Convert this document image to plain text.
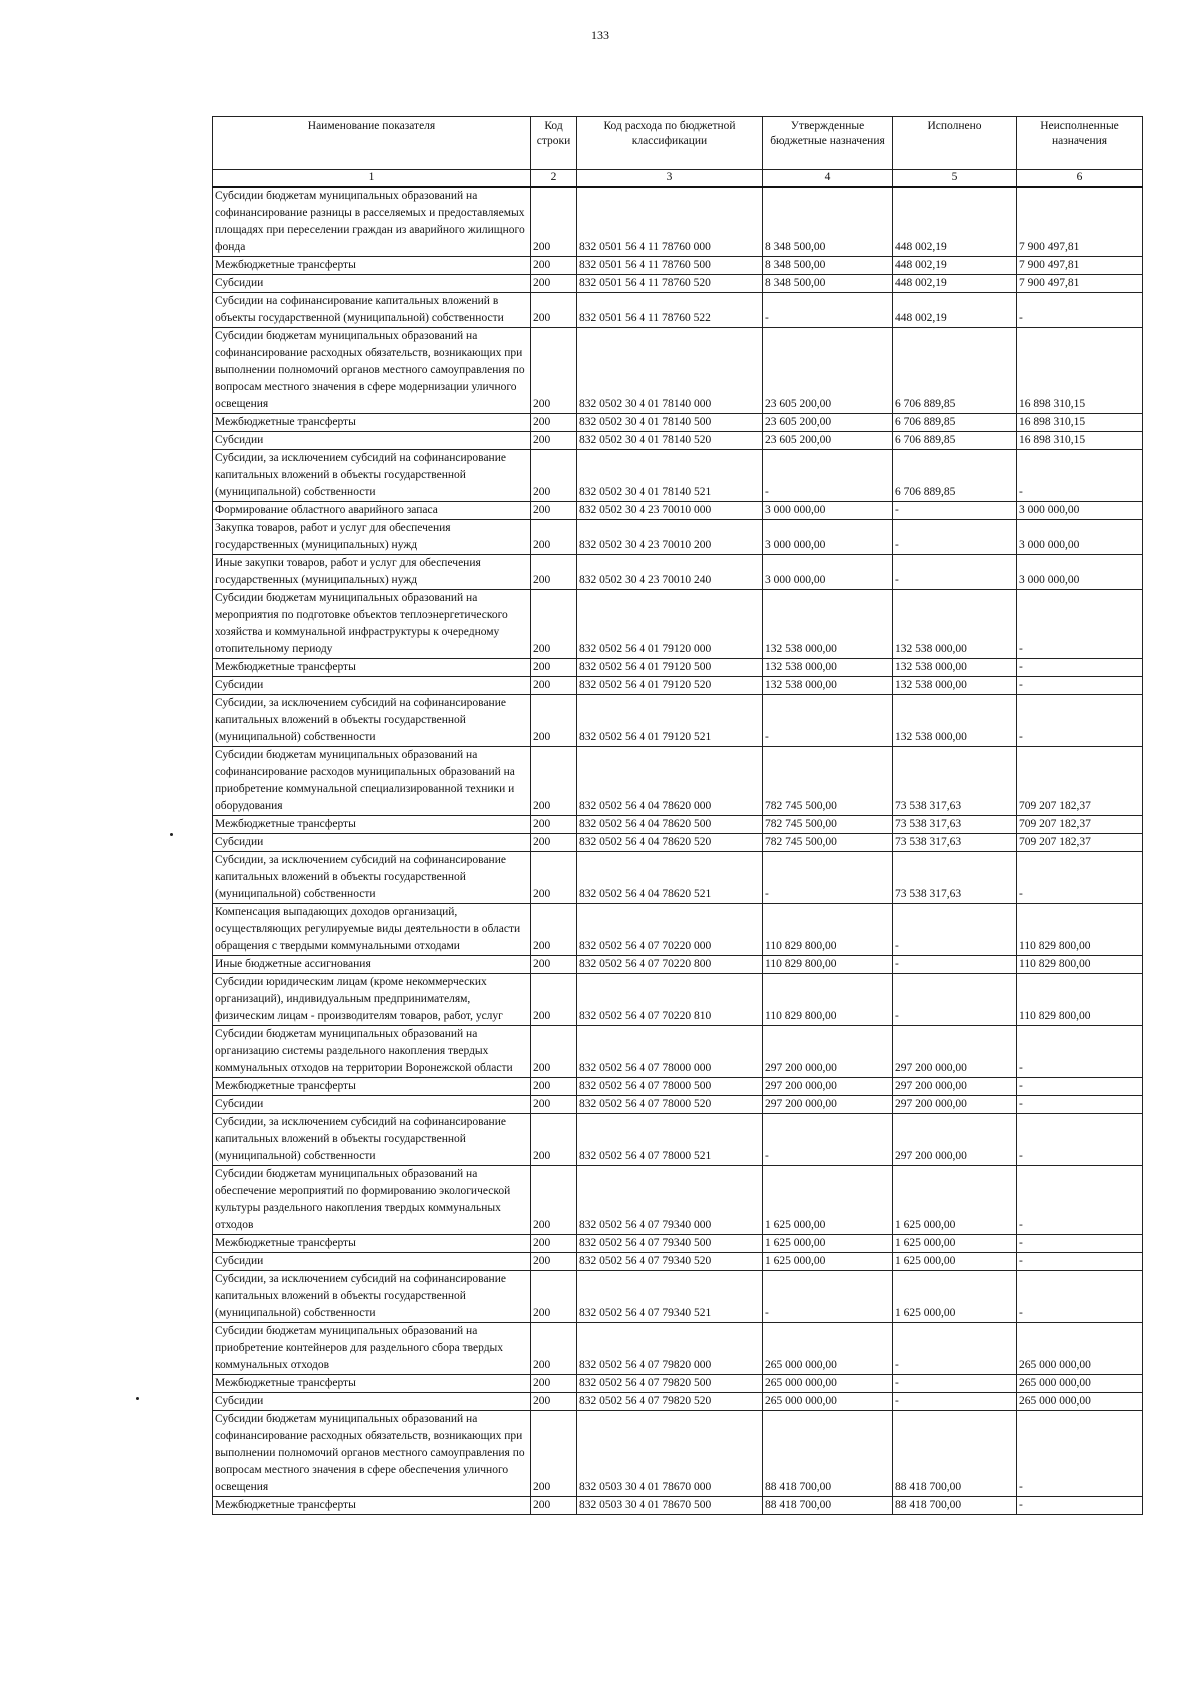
133
Наименование показателя	Код строки	Код расхода по бюджетной классификации	Утвержденные бюджетные назначения	Исполнено	Неисполненные назначения
1	2	3	4	5	6
Субсидии бюджетам муниципальных образований на софинансирование разницы в расселяемых и предоставляемых площадях при переселении граждан из аварийного жилищного фонда	200	832 0501 56 4 11 78760 000	8 348 500,00	448 002,19	7 900 497,81
Межбюджетные трансферты	200	832 0501 56 4 11 78760 500	8 348 500,00	448 002,19	7 900 497,81
Субсидии	200	832 0501 56 4 11 78760 520	8 348 500,00	448 002,19	7 900 497,81
Субсидии на софинансирование капитальных вложений в объекты государственной (муниципальной) собственности	200	832 0501 56 4 11 78760 522	-	448 002,19	-
Субсидии бюджетам муниципальных образований на софинансирование расходных обязательств, возникающих при выполнении полномочий органов местного самоуправления по вопросам местного значения в сфере модернизации уличного освещения	200	832 0502 30 4 01 78140 000	23 605 200,00	6 706 889,85	16 898 310,15
Межбюджетные трансферты	200	832 0502 30 4 01 78140 500	23 605 200,00	6 706 889,85	16 898 310,15
Субсидии	200	832 0502 30 4 01 78140 520	23 605 200,00	6 706 889,85	16 898 310,15
Субсидии, за исключением субсидий на софинансирование капитальных вложений в объекты государственной (муниципальной) собственности	200	832 0502 30 4 01 78140 521	-	6 706 889,85	-
Формирование областного аварийного запаса	200	832 0502 30 4 23 70010 000	3 000 000,00	-	3 000 000,00
Закупка товаров, работ и услуг для обеспечения государственных (муниципальных) нужд	200	832 0502 30 4 23 70010 200	3 000 000,00	-	3 000 000,00
Иные закупки товаров, работ и услуг для обеспечения государственных (муниципальных) нужд	200	832 0502 30 4 23 70010 240	3 000 000,00	-	3 000 000,00
Субсидии бюджетам муниципальных образований на мероприятия по подготовке объектов теплоэнергетического хозяйства и коммунальной инфраструктуры к очередному отопительному периоду	200	832 0502 56 4 01 79120 000	132 538 000,00	132 538 000,00	-
Межбюджетные трансферты	200	832 0502 56 4 01 79120 500	132 538 000,00	132 538 000,00	-
Субсидии	200	832 0502 56 4 01 79120 520	132 538 000,00	132 538 000,00	-
Субсидии, за исключением субсидий на софинансирование капитальных вложений в объекты государственной (муниципальной) собственности	200	832 0502 56 4 01 79120 521	-	132 538 000,00	-
Субсидии бюджетам муниципальных образований на софинансирование расходов муниципальных образований на приобретение коммунальной специализированной техники и оборудования	200	832 0502 56 4 04 78620 000	782 745 500,00	73 538 317,63	709 207 182,37
Межбюджетные трансферты	200	832 0502 56 4 04 78620 500	782 745 500,00	73 538 317,63	709 207 182,37
Субсидии	200	832 0502 56 4 04 78620 520	782 745 500,00	73 538 317,63	709 207 182,37
Субсидии, за исключением субсидий на софинансирование капитальных вложений в объекты государственной (муниципальной) собственности	200	832 0502 56 4 04 78620 521	-	73 538 317,63	-
Компенсация выпадающих доходов организаций, осуществляющих регулируемые виды деятельности в области обращения с твердыми коммунальными отходами	200	832 0502 56 4 07 70220 000	110 829 800,00	-	110 829 800,00
Иные бюджетные ассигнования	200	832 0502 56 4 07 70220 800	110 829 800,00	-	110 829 800,00
Субсидии юридическим лицам (кроме некоммерческих организаций), индивидуальным предпринимателям, физическим лицам - производителям товаров, работ, услуг	200	832 0502 56 4 07 70220 810	110 829 800,00	-	110 829 800,00
Субсидии бюджетам муниципальных образований на организацию системы раздельного накопления твердых коммунальных отходов на территории Воронежской области	200	832 0502 56 4 07 78000 000	297 200 000,00	297 200 000,00	-
Межбюджетные трансферты	200	832 0502 56 4 07 78000 500	297 200 000,00	297 200 000,00	-
Субсидии	200	832 0502 56 4 07 78000 520	297 200 000,00	297 200 000,00	-
Субсидии, за исключением субсидий на софинансирование капитальных вложений в объекты государственной (муниципальной) собственности	200	832 0502 56 4 07 78000 521	-	297 200 000,00	-
Субсидии бюджетам муниципальных образований на обеспечение мероприятий по формированию экологической культуры раздельного накопления твердых коммунальных отходов	200	832 0502 56 4 07 79340 000	1 625 000,00	1 625 000,00	-
Межбюджетные трансферты	200	832 0502 56 4 07 79340 500	1 625 000,00	1 625 000,00	-
Субсидии	200	832 0502 56 4 07 79340 520	1 625 000,00	1 625 000,00	-
Субсидии, за исключением субсидий на софинансирование капитальных вложений в объекты государственной (муниципальной) собственности	200	832 0502 56 4 07 79340 521	-	1 625 000,00	-
Субсидии бюджетам муниципальных образований на приобретение контейнеров для раздельного сбора твердых коммунальных отходов	200	832 0502 56 4 07 79820 000	265 000 000,00	-	265 000 000,00
Межбюджетные трансферты	200	832 0502 56 4 07 79820 500	265 000 000,00	-	265 000 000,00
Субсидии	200	832 0502 56 4 07 79820 520	265 000 000,00	-	265 000 000,00
Субсидии бюджетам муниципальных образований на софинансирование расходных обязательств, возникающих при выполнении полномочий органов местного самоуправления по вопросам местного значения в сфере обеспечения уличного освещения	200	832 0503 30 4 01 78670 000	88 418 700,00	88 418 700,00	-
Межбюджетные трансферты	200	832 0503 30 4 01 78670 500	88 418 700,00	88 418 700,00	-
